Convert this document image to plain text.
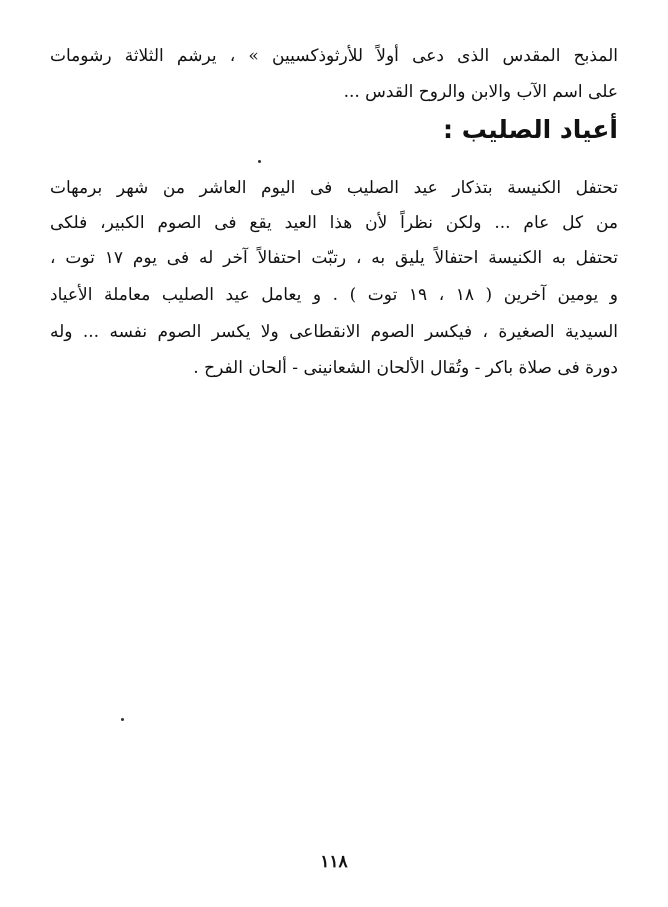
المذبح المقدس الذى دعى أولاً للأرثوذكسيين » ، يرشم الثلاثة رشومات
على اسم الآب والابن والروح القدس ...
أعياد الصليب :
تحتفل الكنيسة بتذكار عيد الصليب فى اليوم العاشر من شهر برمهات
من كل عام ... ولكن نظراً لأن هذا العيد يقع فى الصوم الكبير، فلكى
تحتفل به الكنيسة احتفالاً يليق به ، رتبّت احتفالاً آخر له فى يوم ١٧ توت ،
و يومين آخرين ( ١٨ ، ١٩ توت ) . و يعامل عيد الصليب معاملة الأعياد
السيدية الصغيرة ، فيكسر الصوم الانقطاعى ولا يكسر الصوم نفسه ... وله
دورة فى صلاة باكر - وتُقال الألحان الشعانينى - ألحان الفرح .
١١٨
